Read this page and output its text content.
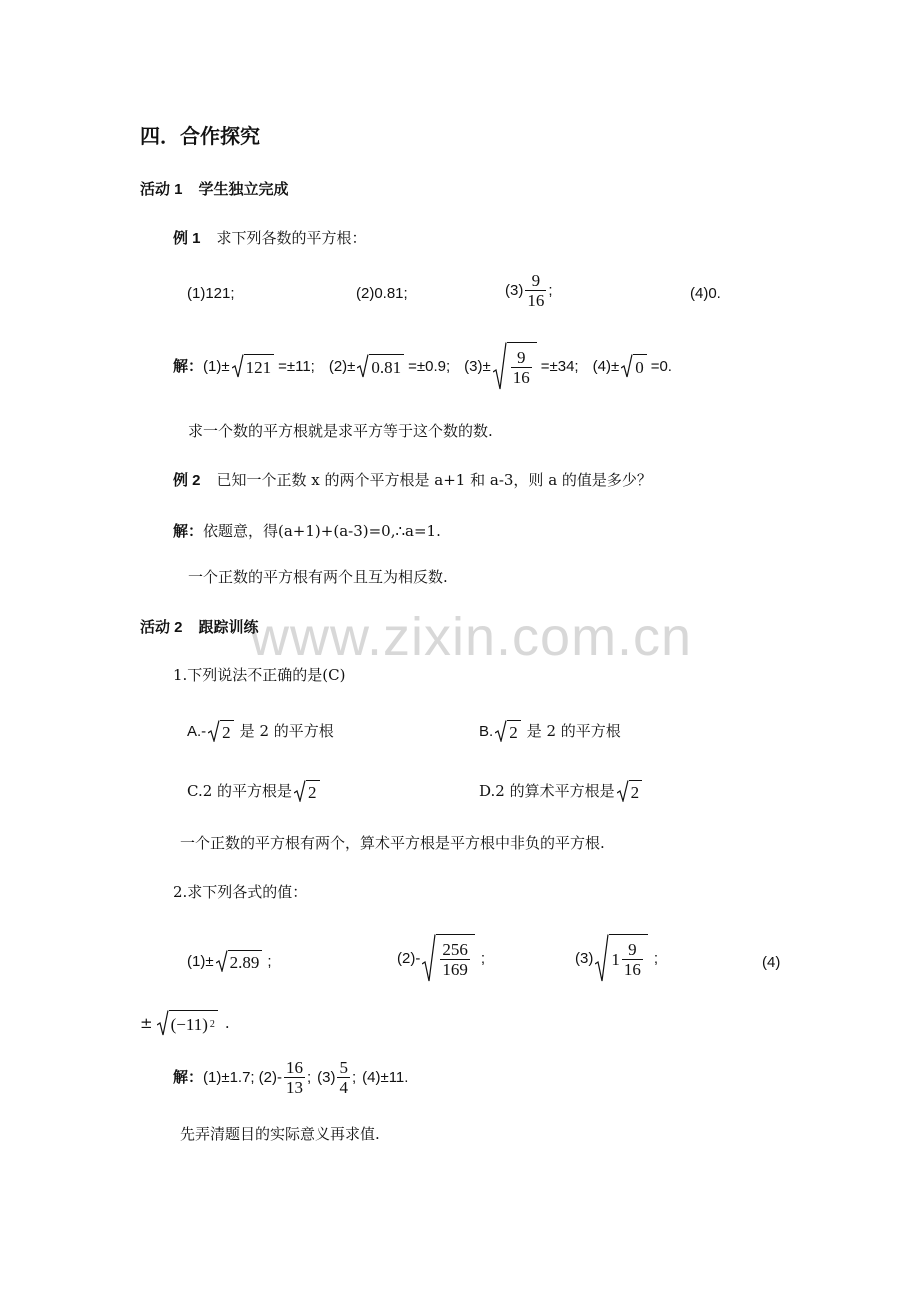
www.zixin.com.cn
四．合作探究
活动 1 学生独立完成
例 1 求下列各数的平方根：
(1)121;	(2)0.81;	$(3) \frac{9}{16}$ ;	(4)0.
解： (1)± 121 =±11; (2)± 0.81 =±0.9; $(3)\pm \frac{9}{16} =\pm 34$; (4)± 0 =0.
求一个数的平方根就是求平方等于这个数的数.
例 2 已知一个正数 x 的两个平方根是 a+1 和 a-3，则 a 的值是多少？
解： 依题意，得(a+1)+(a-3)=0,∴a=1.
一个正数的平方根有两个且互为相反数.
活动 2 跟踪训练
1.下列说法不正确的是(C)
A.- 2 是 2 的平方根	B. 2 是 2 的平方根
C.2 的平方根是 2	D.2 的算术平方根是 2
一个正数的平方根有两个，算术平方根是平方根中非负的平方根.
2.求下列各式的值：
(1)± 2.89 ;	$(2)- \frac{256}{169}$ ;	(3) $1 \frac{9}{16}$ ;	(4)
± (−11) 2 .
解： (1)±1.7; $(2)- \frac{16}{13}$ ; $(3) \frac{5}{4}$ ; (4)±11.
先弄清题目的实际意义再求值.
